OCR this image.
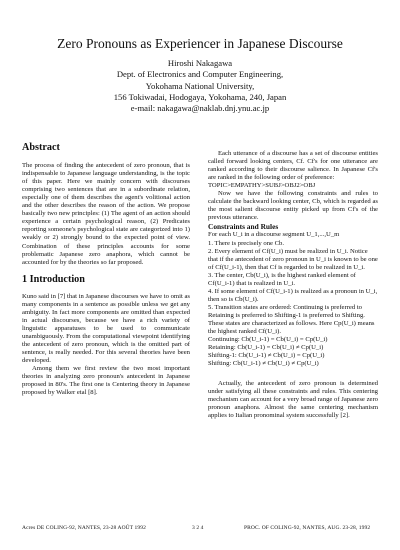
Zero Pronouns as Experiencer in Japanese Discourse
Hiroshi Nakagawa
Dept. of Electronics and Computer Engineering,
Yokohama National University,
156 Tokiwadai, Hodogaya, Yokohama, 240, Japan
e-mail: nakagawa@naklab.dnj.ynu.ac.jp
Abstract

The process of finding the antecedent of zero pronoun, that is indispensable to Japanese language understanding, is the topic of this paper. Here we mainly concern with discourses comprising two sentences that are in a subordinate relation, especially one of them describes the agent's volitional action and the other describes the reason of the action. We propose basically two new principles: (1) The agent of an action should experience a certain psychological reason, (2) Predicates reporting someone's psychological state are categorized into 1) weakly or 2) strongly bound to the expected point of view. Combination of these principles accounts for some problematic Japanese zero anaphora, which cannot be accounted for by the theories so far proposed.

1 Introduction

Kuno said in [7] that in Japanese discourses we have to omit as many components in a sentence as possible unless we get any ambiguity. In fact more components are omitted than expected in actual discourses, because we have a rich variety of linguistic apparatuses to be used to communicate unambiguously. From the computational viewpoint identifying the antecedent of zero pronoun, which is the omitted part of sentence, is really needed. For this several theories have been developed.

Among them we first review the two most important theories in analyzing zero pronoun's antecedent in Japanese proposed in 80's. The first one is Centering theory in Japanese proposed by Walker etal [8].

Each utterance of a discourse has a set of discourse entities called forward looking centers, Cf. Cf's for one utterance are ranked according to their discourse salience. In Japanese Cf's are ranked in the following order of preference:

TOPIC>EMPATHY>SUBJ>OBJ2>OBJ

Now we have the following constraints and rules to calculate the backward looking center, Cb, which is regarded as the most salient discourse entity picked up from Cf's of the previous utterance.

Constraints and Rules

For each U_i in a discourse segment U_1,...,U_m

1. There is precisely one Cb.

2. Every element of Cf(U_i) must be realized in U_i. Notice that if the antecedent of zero pronoun in U_i is known to be one of Cf(U_i-1), then that Cf is regarded to be realized in U_i.

3. The center, Cb(U_i), is the highest ranked element of Cf(U_i-1) that is realized in U_i.

4. If some element of Cf(U_i-1) is realized as a pronoun in U_i, then so is Cb(U_i).

5. Transition states are ordered: Continuing is preferred to Retaining is preferred to Shifting-1 is preferred to Shifting. These states are characterized as follows. Here Cp(U_i) means the highest ranked Cf(U_i).

Continuing: Cb(U_i-1) = Cb(U_i) = Cp(U_i)

Retaining: Cb(U_i-1) = Cb(U_i) ≠ Cp(U_i)

Shifting-1: Cb(U_i-1) ≠ Cb(U_i) = Cp(U_i)

Shifting: Cb(U_i-1) ≠ Cb(U_i) ≠ Cp(U_i)

Actually, the antecedent of zero pronoun is determined under satisfying all these constraints and rules. This centering mechanism can account for a very broad range of Japanese zero pronoun anaphora. Almost the same centering mechanism applies to Italian pronominal system successfully [2].

Acres DE COLING-92, NANTES, 23-28 AOÛT 1992	3 2 4	PROC. OF COLING-92, NANTES, AUG. 23-28, 1992
